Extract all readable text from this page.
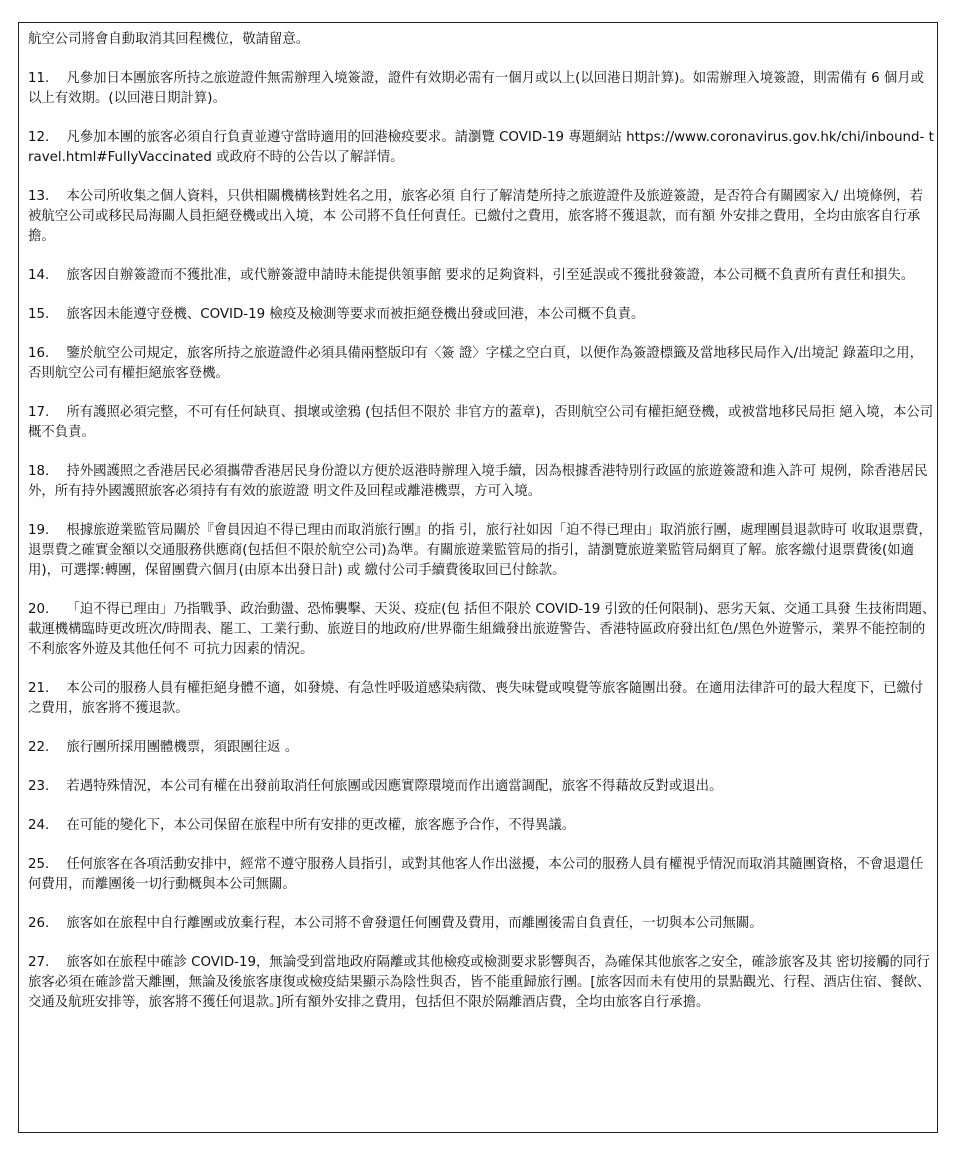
航空公司將會自動取消其回程機位，敬請留意。

11. 凡參加日本團旅客所持之旅遊證件無需辦理入境簽證，證件有效期必需有一個月或以上(以回港日期計算)。如需辦理入境簽證，則需備有 6 個月或以上有效期。(以回港日期計算)。

12. 凡參加本團的旅客必須自行負責並遵守當時適用的回港檢疫要求。請瀏覽 COVID-19 專題網站 https://www.coronavirus.gov.hk/chi/inbound- travel.html#FullyVaccinated 或政府不時的公告以了解詳情。

13. 本公司所收集之個人資料，只供相關機構核對姓名之用，旅客必須 自行了解清楚所持之旅遊證件及旅遊簽證，是否符合有關國家入/ 出境條例，若被航空公司或移民局海關人員拒絕登機或出入境，本 公司將不負任何責任。已繳付之費用，旅客將不獲退款，而有額 外安排之費用，全均由旅客自行承擔。

14. 旅客因自辦簽證而不獲批准，或代辦簽證申請時未能提供領事館 要求的足夠資料，引至延誤或不獲批發簽證，本公司概不負責所有責任和損失。

15. 旅客因未能遵守登機、COVID-19 檢疫及檢測等要求而被拒絕登機出發或回港，本公司概不負責。

16. 鑒於航空公司規定，旅客所持之旅遊證件必須具備兩整版印有〈簽 證〉字樣之空白頁，以便作為簽證標籤及當地移民局作入/出境記 錄蓋印之用，否則航空公司有權拒絕旅客登機。

17. 所有護照必須完整，不可有任何缺頁、損壞或塗鴉 (包括但不限於 非官方的蓋章)，否則航空公司有權拒絕登機，或被當地移民局拒 絕入境，本公司概不負責。

18. 持外國護照之香港居民必須攜帶香港居民身份證以方便於返港時辦理入境手續，因為根據香港特別行政區的旅遊簽證和進入許可 規例，除香港居民外，所有持外國護照旅客必須持有有效的旅遊證 明文件及回程或離港機票，方可入境。

19. 根據旅遊業監管局關於『會員因迫不得已理由而取消旅行團』的指 引，旅行社如因「迫不得已理由」取消旅行團，處理團員退款時可 收取退票費，退票費之確實金額以交通服務供應商(包括但不限於航空公司)為準。有關旅遊業監管局的指引，請瀏覽旅遊業監管局網頁了解。旅客繳付退票費後(如適用)，可選擇:轉團，保留團費六個月(由原本出發日計) 或 繳付公司手續費後取回已付餘款。

20. 「迫不得已理由」乃指戰爭、政治動盪、恐怖襲擊、天災、疫症(包 括但不限於 COVID-19 引致的任何限制)、惡劣天氣、交通工具發 生技術問題、載運機構臨時更改班次/時間表、罷工、工業行動、旅遊目的地政府/世界衞生組織發出旅遊警告、香港特區政府發出紅色/黑色外遊警示，業界不能控制的不利旅客外遊及其他任何不 可抗力因素的情況。

21. 本公司的服務人員有權拒絕身體不適，如發燒、有急性呼吸道感染病徵、喪失味覺或嗅覺等旅客隨團出發。在適用法律許可的最大程度下，已繳付之費用，旅客將不獲退款。

22. 旅行團所採用團體機票，須跟團往返 。

23. 若遇特殊情況，本公司有權在出發前取消任何旅團或因應實際環境而作出適當調配，旅客不得藉故反對或退出。

24. 在可能的變化下，本公司保留在旅程中所有安排的更改權，旅客應予合作，不得異議。

25. 任何旅客在各項活動安排中，經常不遵守服務人員指引，或對其他客人作出滋擾，本公司的服務人員有權視乎情況而取消其隨團資格，不會退還任何費用，而離團後一切行動概與本公司無關。

26. 旅客如在旅程中自行離團或放棄行程，本公司將不會發還任何團費及費用，而離團後需自負責任，一切與本公司無關。

27. 旅客如在旅程中確診 COVID-19，無論受到當地政府隔離或其他檢疫或檢測要求影響與否，為確保其他旅客之安全，確診旅客及其 密切接觸的同行旅客必須在確診當天離團，無論及後旅客康復或檢疫結果顯示為陰性與否，皆不能重歸旅行團。[旅客因而未有使用的景點觀光、行程、酒店住宿、餐飲、交通及航班安排等，旅客將不獲任何退款。]所有額外安排之費用，包括但不限於隔離酒店費，全均由旅客自行承擔。
